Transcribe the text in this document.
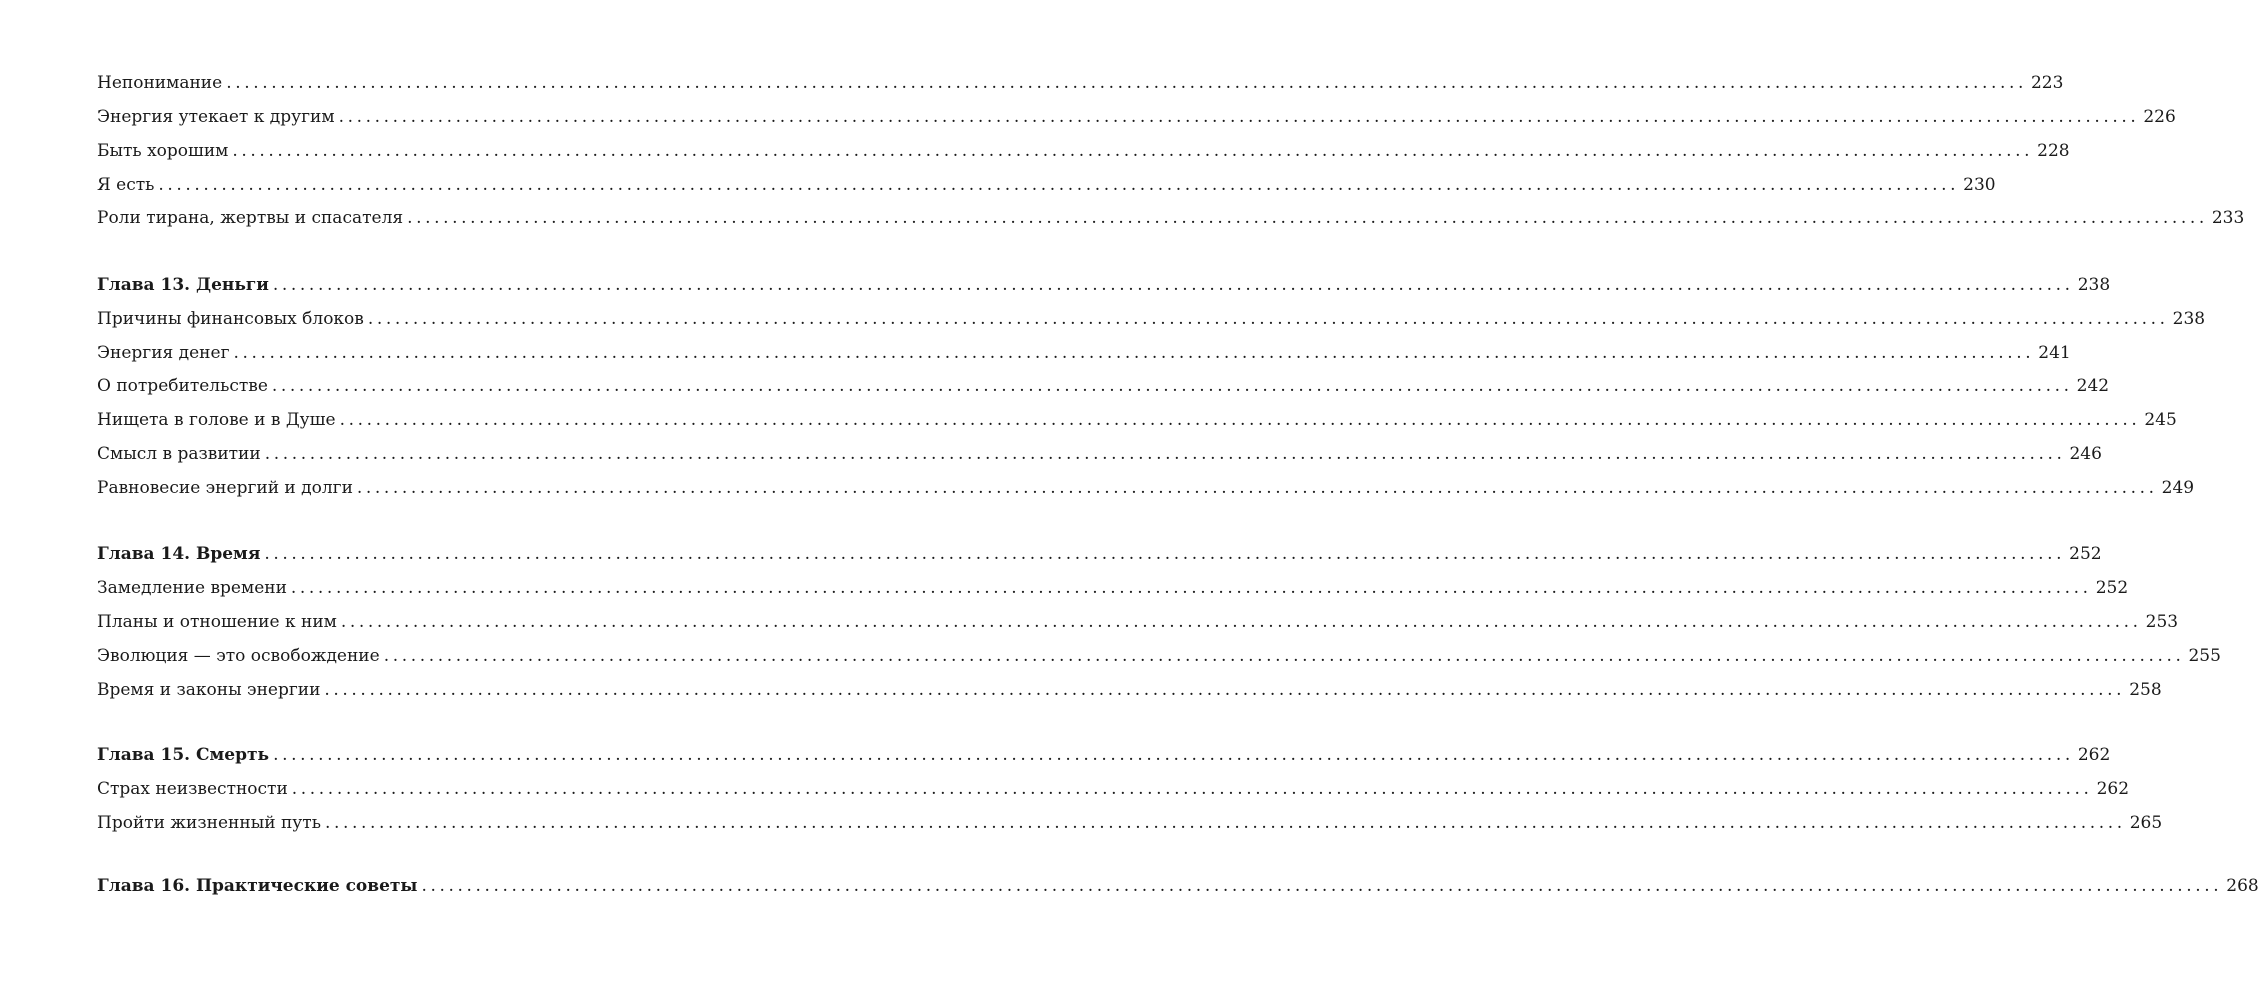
Непонимание ........................................................................................................................................................................................................ 223
Энергия утекает к другим ........................................................................................................................................................................................................ 226
Быть хорошим ........................................................................................................................................................................................................ 228
Я есть ........................................................................................................................................................................................................ 230
Роли тирана, жертвы и спасателя ........................................................................................................................................................................................................ 233
Глава 13. Деньги ........................................................................................................................................................................................................ 238
Причины финансовых блоков ........................................................................................................................................................................................................ 238
Энергия денег ........................................................................................................................................................................................................ 241
О потребительстве ........................................................................................................................................................................................................ 242
Нищета в голове и в Душе ........................................................................................................................................................................................................ 245
Смысл в развитии ........................................................................................................................................................................................................ 246
Равновесие энергий и долги ........................................................................................................................................................................................................ 249
Глава 14. Время ........................................................................................................................................................................................................ 252
Замедление времени ........................................................................................................................................................................................................ 252
Планы и отношение к ним ........................................................................................................................................................................................................ 253
Эволюция — это освобождение ........................................................................................................................................................................................................ 255
Время и законы энергии ........................................................................................................................................................................................................ 258
Глава 15. Смерть ........................................................................................................................................................................................................ 262
Страх неизвестности ........................................................................................................................................................................................................ 262
Пройти жизненный путь ........................................................................................................................................................................................................ 265
Глава 16. Практические советы ........................................................................................................................................................................................................ 268
